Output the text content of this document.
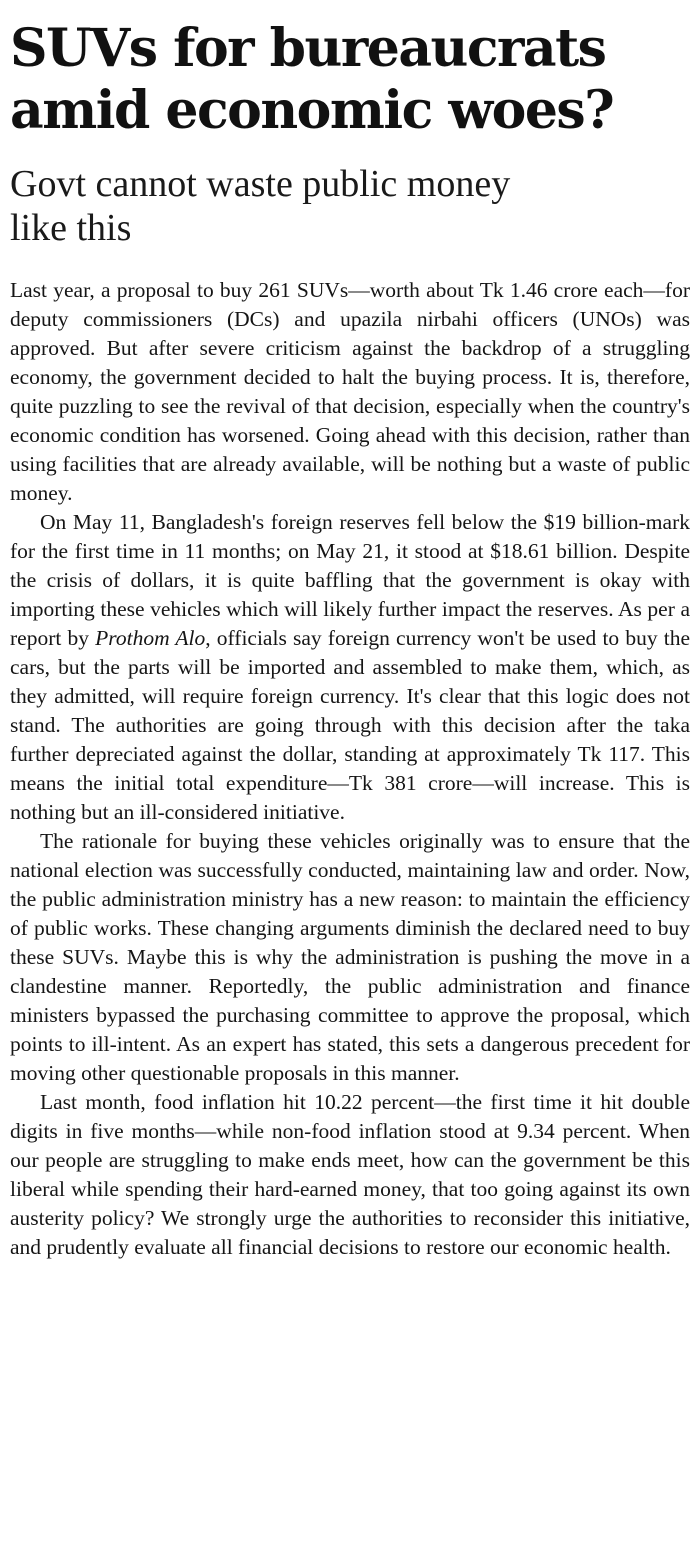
SUVs for bureaucrats amid economic woes?
Govt cannot waste public money like this

Last year, a proposal to buy 261 SUVs—worth about Tk 1.46 crore each—for deputy commissioners (DCs) and upazila nirbahi officers (UNOs) was approved. But after severe criticism against the backdrop of a struggling economy, the government decided to halt the buying process. It is, therefore, quite puzzling to see the revival of that decision, especially when the country's economic condition has worsened. Going ahead with this decision, rather than using facilities that are already available, will be nothing but a waste of public money.

On May 11, Bangladesh's foreign reserves fell below the $19 billion-mark for the first time in 11 months; on May 21, it stood at $18.61 billion. Despite the crisis of dollars, it is quite baffling that the government is okay with importing these vehicles which will likely further impact the reserves. As per a report by Prothom Alo, officials say foreign currency won't be used to buy the cars, but the parts will be imported and assembled to make them, which, as they admitted, will require foreign currency. It's clear that this logic does not stand. The authorities are going through with this decision after the taka further depreciated against the dollar, standing at approximately Tk 117. This means the initial total expenditure—Tk 381 crore—will increase. This is nothing but an ill-considered initiative.

The rationale for buying these vehicles originally was to ensure that the national election was successfully conducted, maintaining law and order. Now, the public administration ministry has a new reason: to maintain the efficiency of public works. These changing arguments diminish the declared need to buy these SUVs. Maybe this is why the administration is pushing the move in a clandestine manner. Reportedly, the public administration and finance ministers bypassed the purchasing committee to approve the proposal, which points to ill-intent. As an expert has stated, this sets a dangerous precedent for moving other questionable proposals in this manner.

Last month, food inflation hit 10.22 percent—the first time it hit double digits in five months—while non-food inflation stood at 9.34 percent. When our people are struggling to make ends meet, how can the government be this liberal while spending their hard-earned money, that too going against its own austerity policy? We strongly urge the authorities to reconsider this initiative, and prudently evaluate all financial decisions to restore our economic health.
